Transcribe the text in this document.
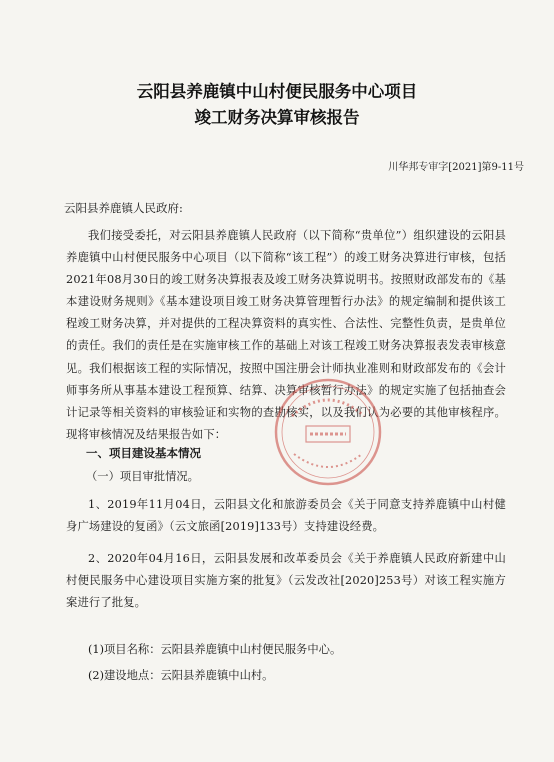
云阳县养鹿镇中山村便民服务中心项目
竣工财务决算审核报告
川华邦专审字[2021]第9-11号
云阳县养鹿镇人民政府:
我们接受委托，对云阳县养鹿镇人民政府（以下简称“贵单位”）组织建设的云阳县养鹿镇中山村便民服务中心项目（以下简称“该工程”）的竣工财务决算进行审核，包括2021年08月30日的竣工财务决算报表及竣工财务决算说明书。按照财政部发布的《基本建设财务规则》《基本建设项目竣工财务决算管理暂行办法》的规定编制和提供该工程竣工财务决算，并对提供的工程决算资料的真实性、合法性、完整性负责，是贵单位的责任。我们的责任是在实施审核工作的基础上对该工程竣工财务决算报表发表审核意见。我们根据该工程的实际情况，按照中国注册会计师执业准则和财政部发布的《会计师事务所从事基本建设工程预算、结算、决算审核暂行办法》的规定实施了包括抽查会计记录等相关资料的审核验证和实物的查勘核实，以及我们认为必要的其他审核程序。现将审核情况及结果报告如下：
一、项目建设基本情况
（一）项目审批情况。
1、2019年11月04日，云阳县文化和旅游委员会《关于同意支持养鹿镇中山村健身广场建设的复函》（云文旅函[2019]133号）支持建设经费。
2、2020年04月16日，云阳县发展和改革委员会《关于养鹿镇人民政府新建中山村便民服务中心建设项目实施方案的批复》（云发改社[2020]253号）对该工程实施方案进行了批复。
(1)项目名称：云阳县养鹿镇中山村便民服务中心。
(2)建设地点：云阳县养鹿镇中山村。
